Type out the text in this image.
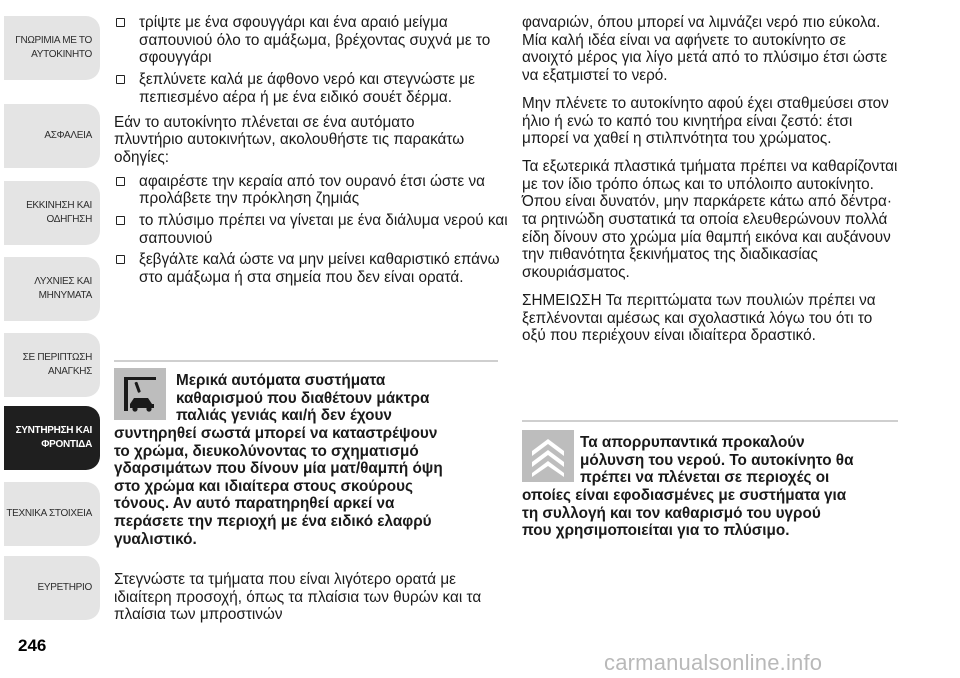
ΓΝΩΡΙΜΙΑ ΜΕ ΤΟ
ΑΥΤΟΚΙΝΗΤΟ
ΑΣΦΑΛΕΙΑ
ΕΚΚΙΝΗΣΗ ΚΑΙ
ΟΔΗΓΗΣΗ
ΛΥΧΝΙΕΣ ΚΑΙ
ΜΗΝΥΜΑΤΑ
ΣΕ ΠΕΡΙΠΤΩΣΗ
ΑΝΑΓΚΗΣ
ΣΥΝΤΗΡΗΣΗ ΚΑΙ
ΦΡΟΝΤΙΔΑ
ΤΕΧΝΙΚΑ ΣΤΟΙΧΕΙΑ
ΕΥΡΕΤΗΡΙΟ
246
τρίψτε με ένα σφουγγάρι και ένα αραιό μείγμα σαπουνιού όλο το αμάξωμα, βρέχοντας συχνά με το σφουγγάρι
ξεπλύνετε καλά με άφθονο νερό και στεγνώστε με πεπιεσμένο αέρα ή με ένα ειδικό σουέτ δέρμα.

Εάν το αυτοκίνητο πλένεται σε ένα αυτόματο πλυντήριο αυτοκινήτων, ακολουθήστε τις παρακάτω οδηγίες:

αφαιρέστε την κεραία από τον ουρανό έτσι ώστε να προλάβετε την πρόκληση ζημιάς
το πλύσιμο πρέπει να γίνεται με ένα διάλυμα νερού και σαπουνιού
ξεβγάλτε καλά ώστε να μην μείνει καθαριστικό επάνω στο αμάξωμα ή στα σημεία που δεν είναι ορατά.
Μερικά αυτόματα συστήματα
καθαρισμού που διαθέτουν μάκτρα
παλιάς γενιάς και/ή δεν έχουν
συντηρηθεί σωστά μπορεί να καταστρέψουν
το χρώμα, διευκολύνοντας το σχηματισμό
γδαρσιμάτων που δίνουν μία ματ/θαμπή όψη
στο χρώμα και ιδιαίτερα στους σκούρους
τόνους. Αν αυτό παρατηρηθεί αρκεί να
περάσετε την περιοχή με ένα ειδικό ελαφρύ
γυαλιστικό.

Στεγνώστε τα τμήματα που είναι λιγότερο ορατά με ιδιαίτερη προσοχή, όπως τα πλαίσια των θυρών και τα πλαίσια των μπροστινών

φαναριών, όπου μπορεί να λιμνάζει νερό πιο εύκολα. Μία καλή ιδέα είναι να αφήνετε το αυτοκίνητο σε ανοιχτό μέρος για λίγο μετά από το πλύσιμο έτσι ώστε να εξατμιστεί το νερό.

Μην πλένετε το αυτοκίνητο αφού έχει σταθμεύσει στον ήλιο ή ενώ το καπό του κινητήρα είναι ζεστό: έτσι μπορεί να χαθεί η στιλπνότητα του χρώματος.

Τα εξωτερικά πλαστικά τμήματα πρέπει να καθαρίζονται με τον ίδιο τρόπο όπως και το υπόλοιπο αυτοκίνητο. Όπου είναι δυνατόν, μην παρκάρετε κάτω από δέντρα· τα ρητινώδη συστατικά τα οποία ελευθερώνουν πολλά είδη δίνουν στο χρώμα μία θαμπή εικόνα και αυξάνουν την πιθανότητα ξεκινήματος της διαδικασίας σκουριάσματος.

ΣΗΜΕΙΩΣΗ Τα περιττώματα των πουλιών πρέπει να ξεπλένονται αμέσως και σχολαστικά λόγω του ότι το οξύ που περιέχουν είναι ιδιαίτερα δραστικό.

Τα απορρυπαντικά προκαλούν
μόλυνση του νερού. Το αυτοκίνητο θα
πρέπει να πλένεται σε περιοχές οι
οποίες είναι εφοδιασμένες με συστήματα για
τη συλλογή και τον καθαρισμό του υγρού
που χρησιμοποιείται για το πλύσιμο.
carmanualsonline.info
